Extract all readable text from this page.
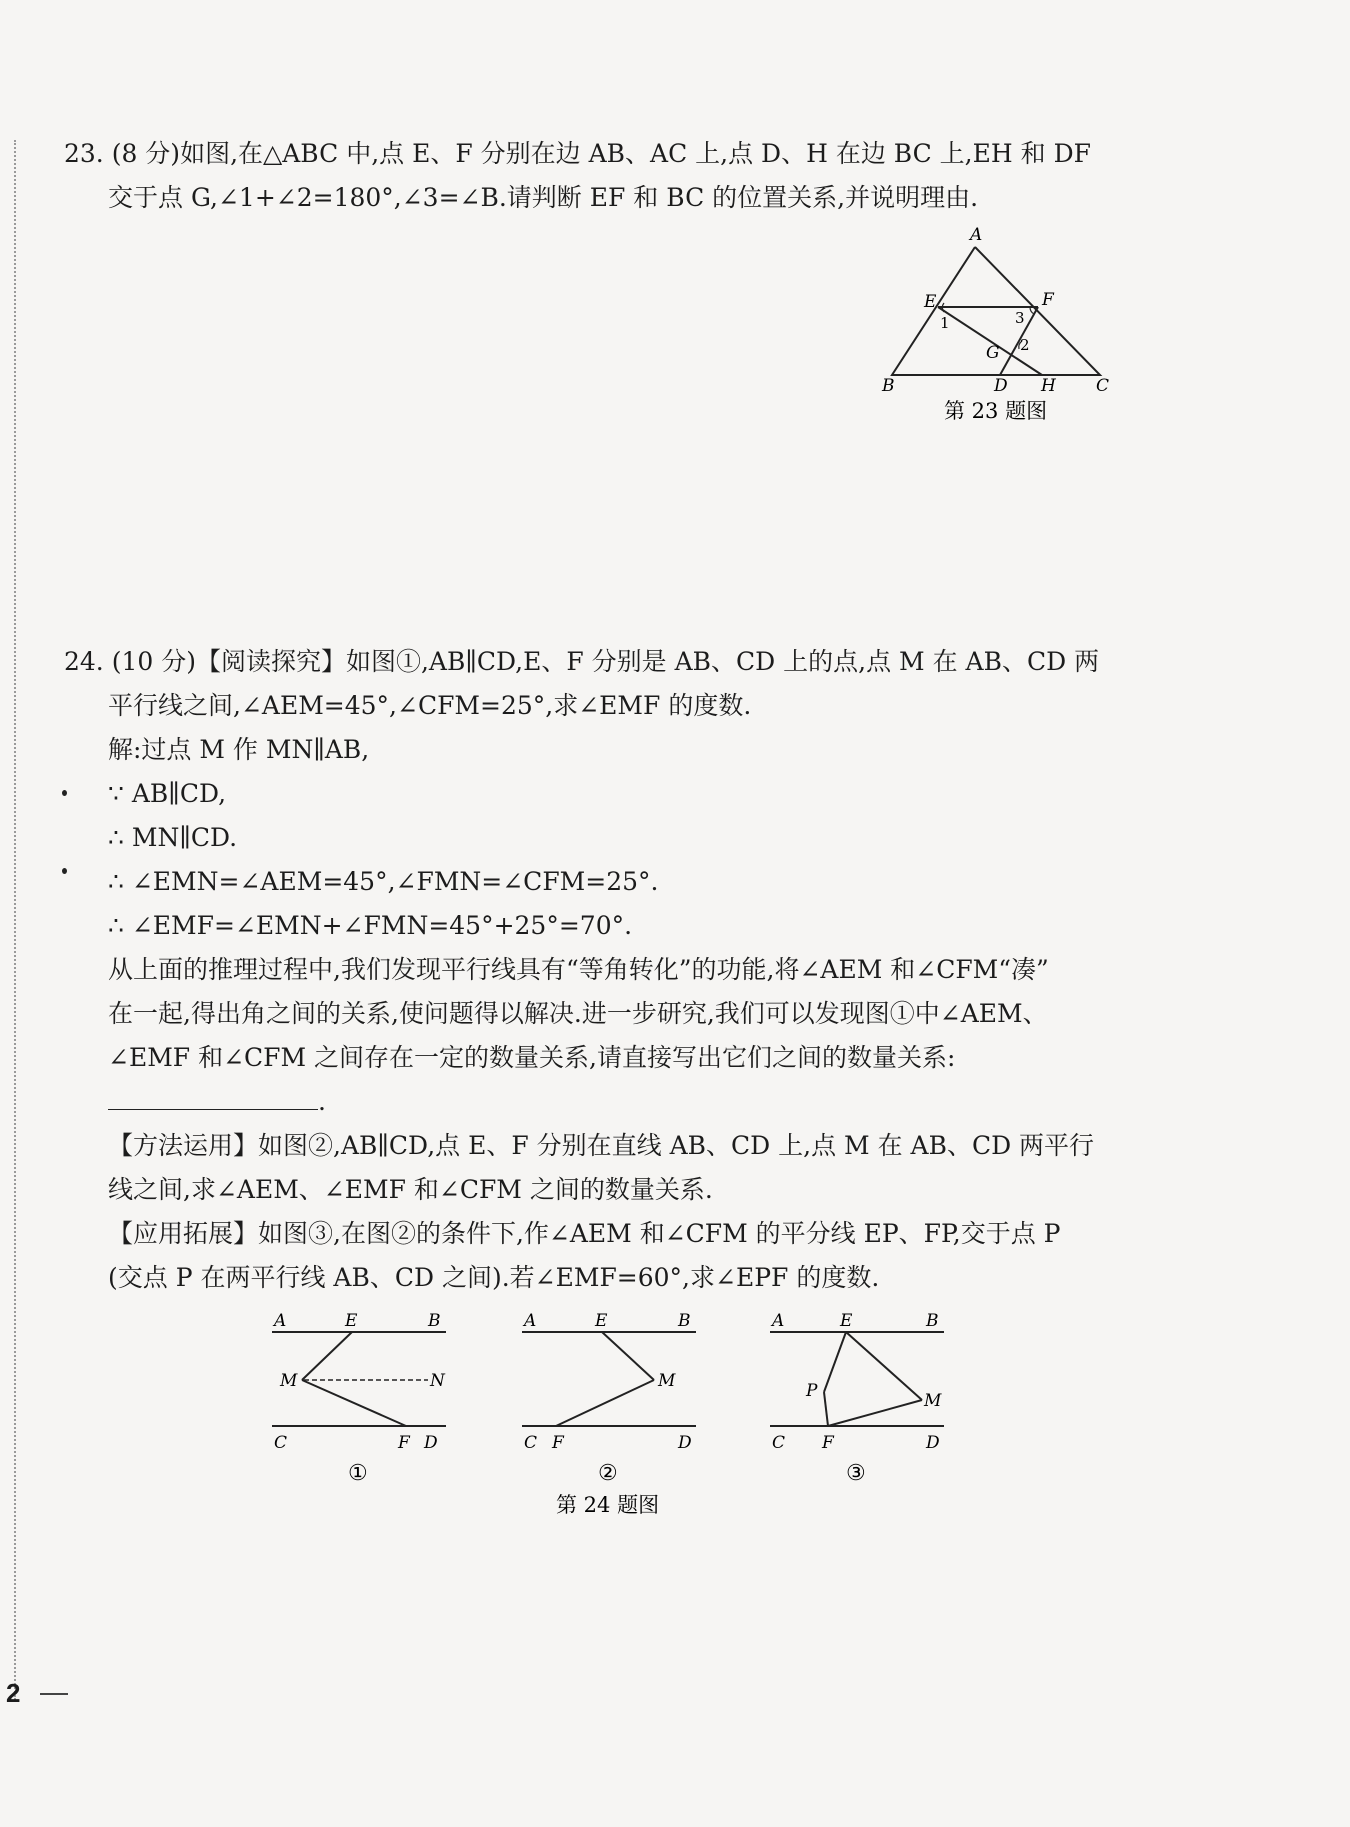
23. (8 分)如图,在△ABC 中,点 E、F 分别在边 AB、AC 上,点 D、H 在边 BC 上,EH 和 DF

交于点 G,∠1+∠2=180°,∠3=∠B.请判断 EF 和 BC 的位置关系,并说明理由.

A
B	C
D
E	F
G
H
1
2
3
第 23 题图

24. (10 分)【阅读探究】如图①,AB∥CD,E、F 分别是 AB、CD 上的点,点 M 在 AB、CD 两

平行线之间,∠AEM=45°,∠CFM=25°,求∠EMF 的度数.

解:过点 M 作 MN∥AB,

∵ AB∥CD,

∴ MN∥CD.

∴ ∠EMN=∠AEM=45°,∠FMN=∠CFM=25°.

∴ ∠EMF=∠EMN+∠FMN=45°+25°=70°.

从上面的推理过程中,我们发现平行线具有“等角转化”的功能,将∠AEM 和∠CFM“凑”

在一起,得出角之间的关系,使问题得以解决.进一步研究,我们可以发现图①中∠AEM、

∠EMF 和∠CFM 之间存在一定的数量关系,请直接写出它们之间的数量关系:

.

【方法运用】如图②,AB∥CD,点 E、F 分别在直线 AB、CD 上,点 M 在 AB、CD 两平行

线之间,求∠AEM、∠EMF 和∠CFM 之间的数量关系.

【应用拓展】如图③,在图②的条件下,作∠AEM 和∠CFM 的平分线 EP、FP,交于点 P

(交点 P 在两平行线 AB、CD 之间).若∠EMF=60°,求∠EPF 的度数.

A	E	B
M	N
C	F D
①
A	E	B
M
C F	D
②
A	E	B
P	M
C F	D
③
第 24 题图
2
